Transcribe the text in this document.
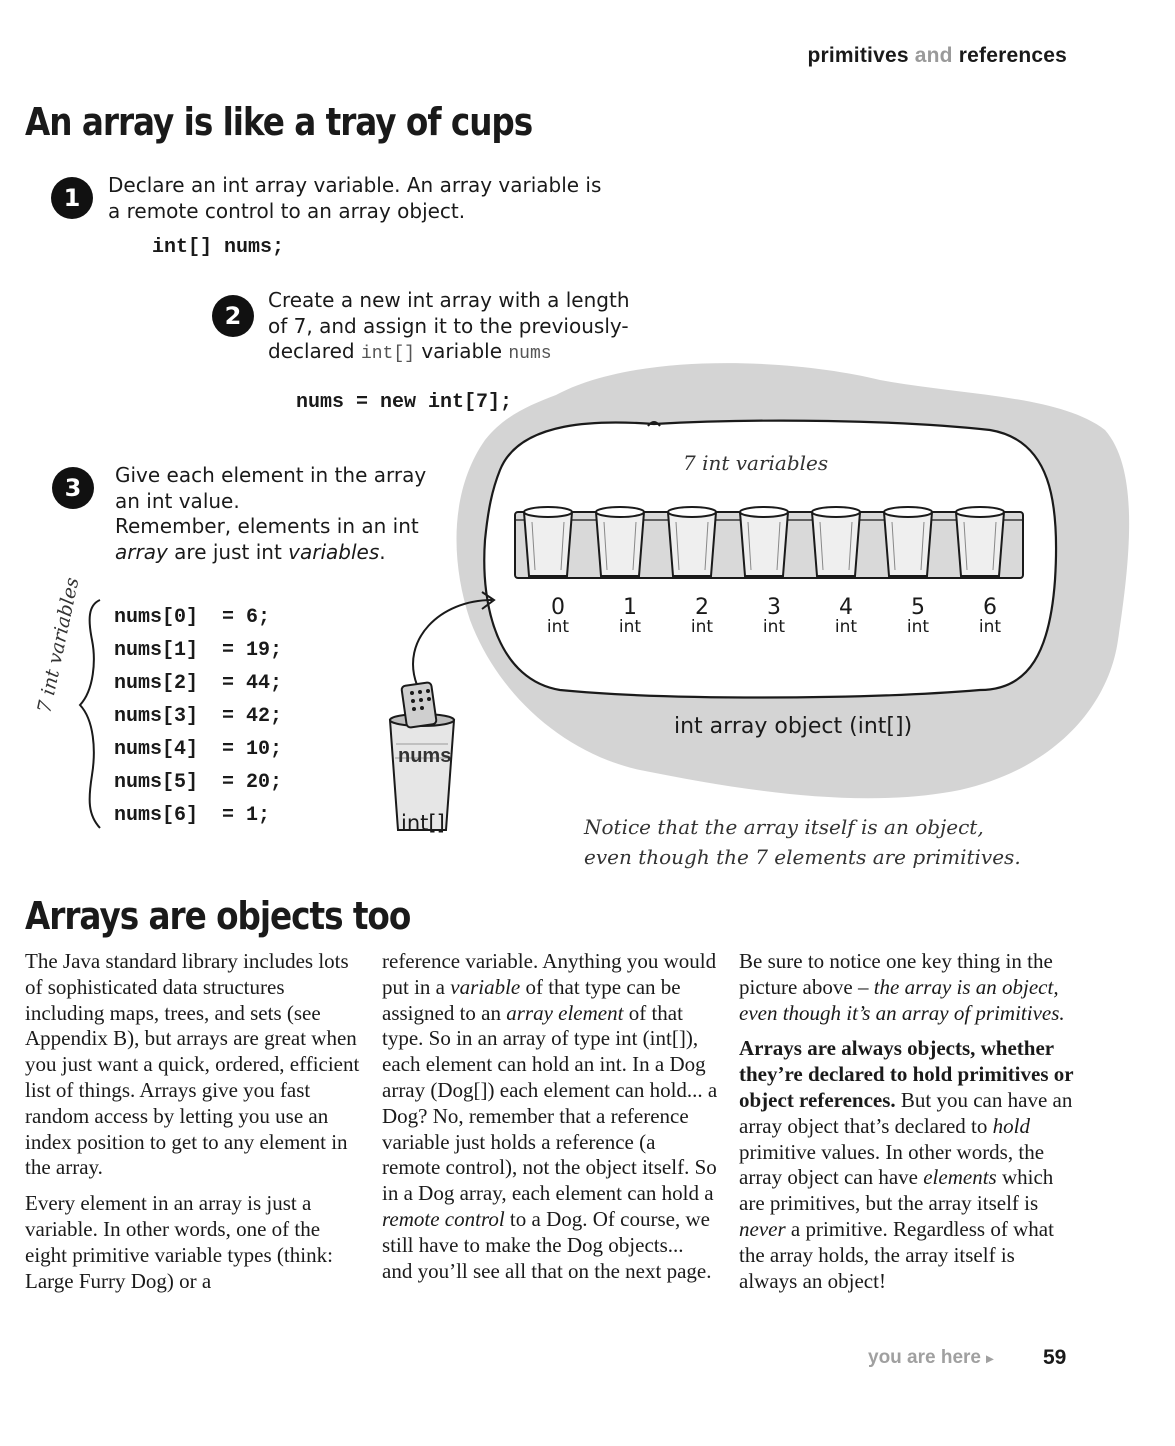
primitives and references
An array is like a tray of cups
1	Declare an int array variable. An array variable is
a remote control to an array object.
int[] nums;
2
Create a new int array with a length
of 7, and assign it to the previously-
declared int[] variable nums
7 int variables
0
int
1
int
2
int
3
int
4
int
5
int
6
int
int array object (int[])
nums
int[]
7 int variables
Notice that the array itself is an object,
even though the 7 elements are primitives.
nums = new int[7];
3	Give each element in the array
an int value.
Remember, elements in an int
array are just int variables.
nums[0]  = 6;
nums[1]  = 19;
nums[2]  = 44;
nums[3]  = 42;
nums[4]  = 10;
nums[5]  = 20;
nums[6]  = 1;
Arrays are objects too

The Java standard library includes lots of sophisticated data structures including maps, trees, and sets (see Appendix B), but arrays are great when you just want a quick, ordered, efficient list of things. Arrays give you fast random access by letting you use an index position to get to any element in the array.

Every element in an array is just a variable. In other words, one of the eight primitive variable types (think: Large Furry Dog) or a

reference variable. Anything you would put in a variable of that type can be assigned to an array element of that type. So in an array of type int (int[]), each element can hold an int. In a Dog array (Dog[]) each element can hold... a Dog? No, remember that a reference variable just holds a reference (a remote control), not the object itself. So in a Dog array, each element can hold a remote control to a Dog. Of course, we still have to make the Dog objects... and you’ll see all that on the next page.

Be sure to notice one key thing in the picture above – the array is an object, even though it’s an array of primitives.

Arrays are always objects, whether they’re declared to hold primitives or object references. But you can have an array object that’s declared to hold primitive values. In other words, the array object can have elements which are primitives, but the array itself is never a primitive. Regardless of what the array holds, the array itself is always an object!

you are here ▸ 59
